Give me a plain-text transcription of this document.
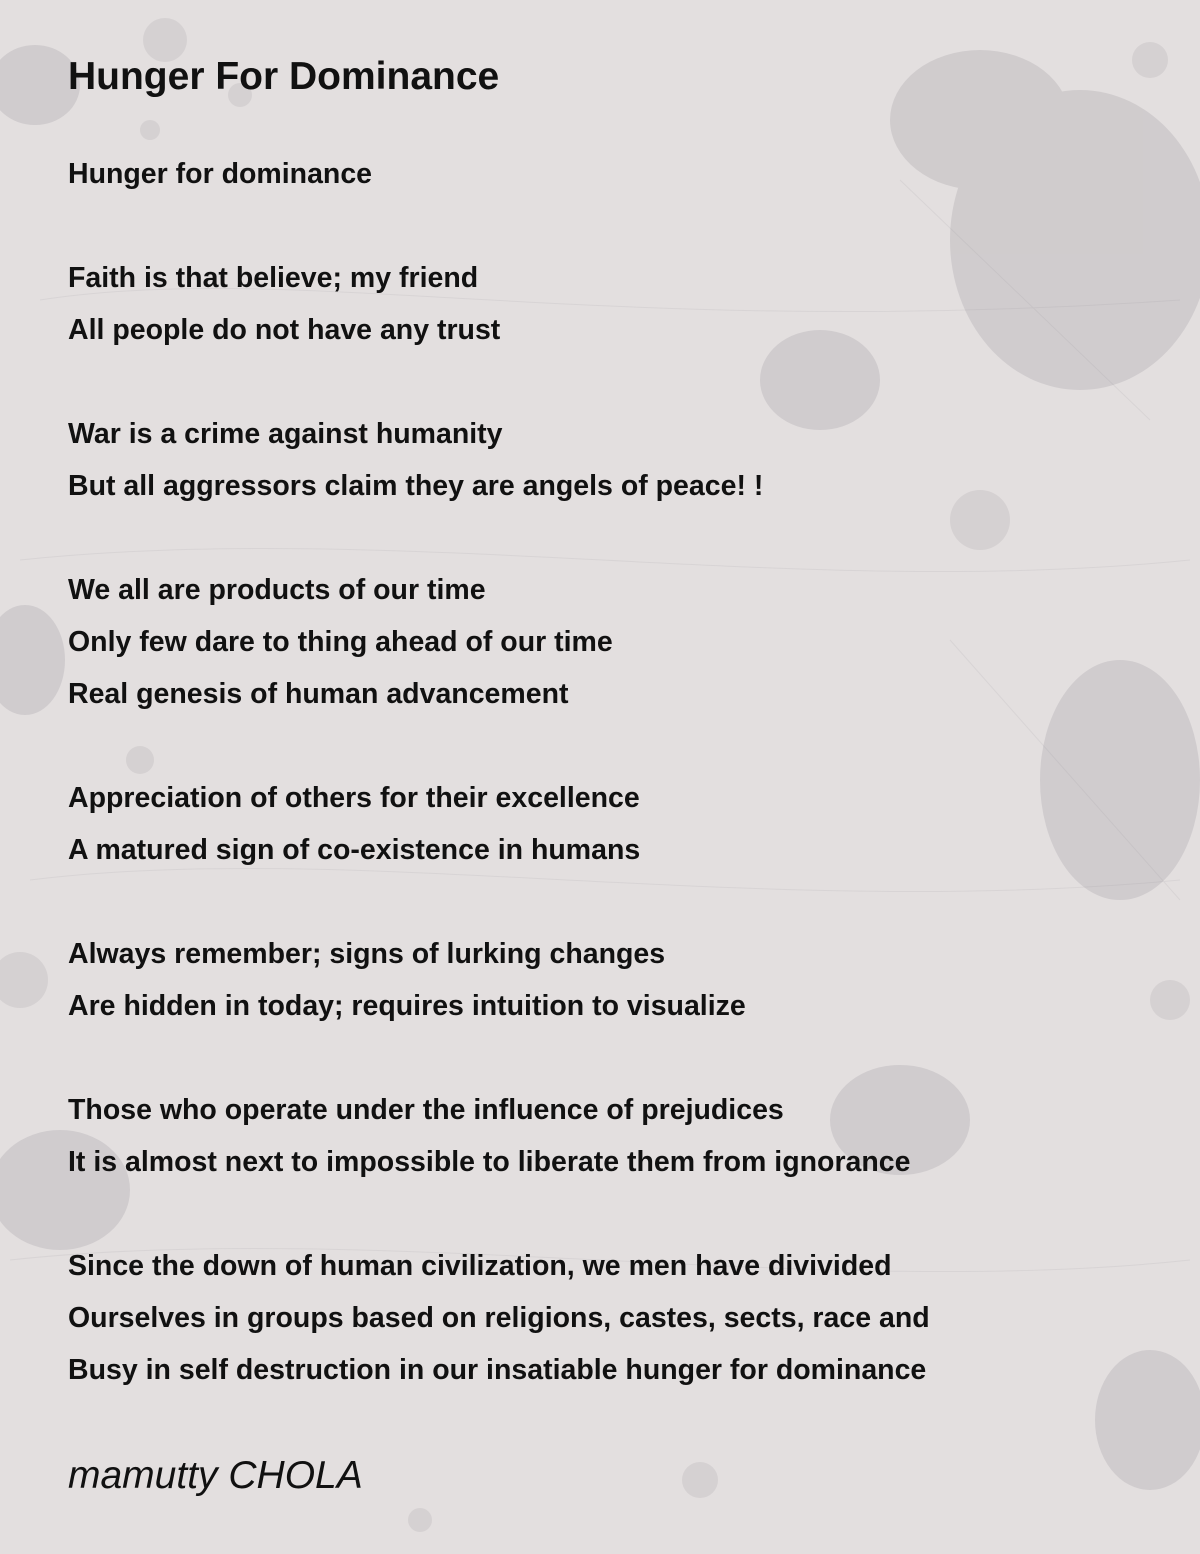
Hunger For Dominance
Hunger for dominance
Faith is that believe; my friend
All people do not have any trust
War is a crime against humanity
But all aggressors claim they are angels of peace! !
We all are products of our time
Only few dare to thing ahead of our time
Real genesis of human advancement
Appreciation of others for their excellence
A matured sign of co-existence in humans
Always remember; signs of lurking changes
Are hidden in today; requires intuition to visualize
Those who operate under the influence of prejudices
It is almost next to impossible to liberate them from ignorance
Since the down of human civilization, we men have divivided
Ourselves in groups based on religions, castes, sects, race and
Busy in self destruction in our insatiable hunger for dominance

mamutty CHOLA
